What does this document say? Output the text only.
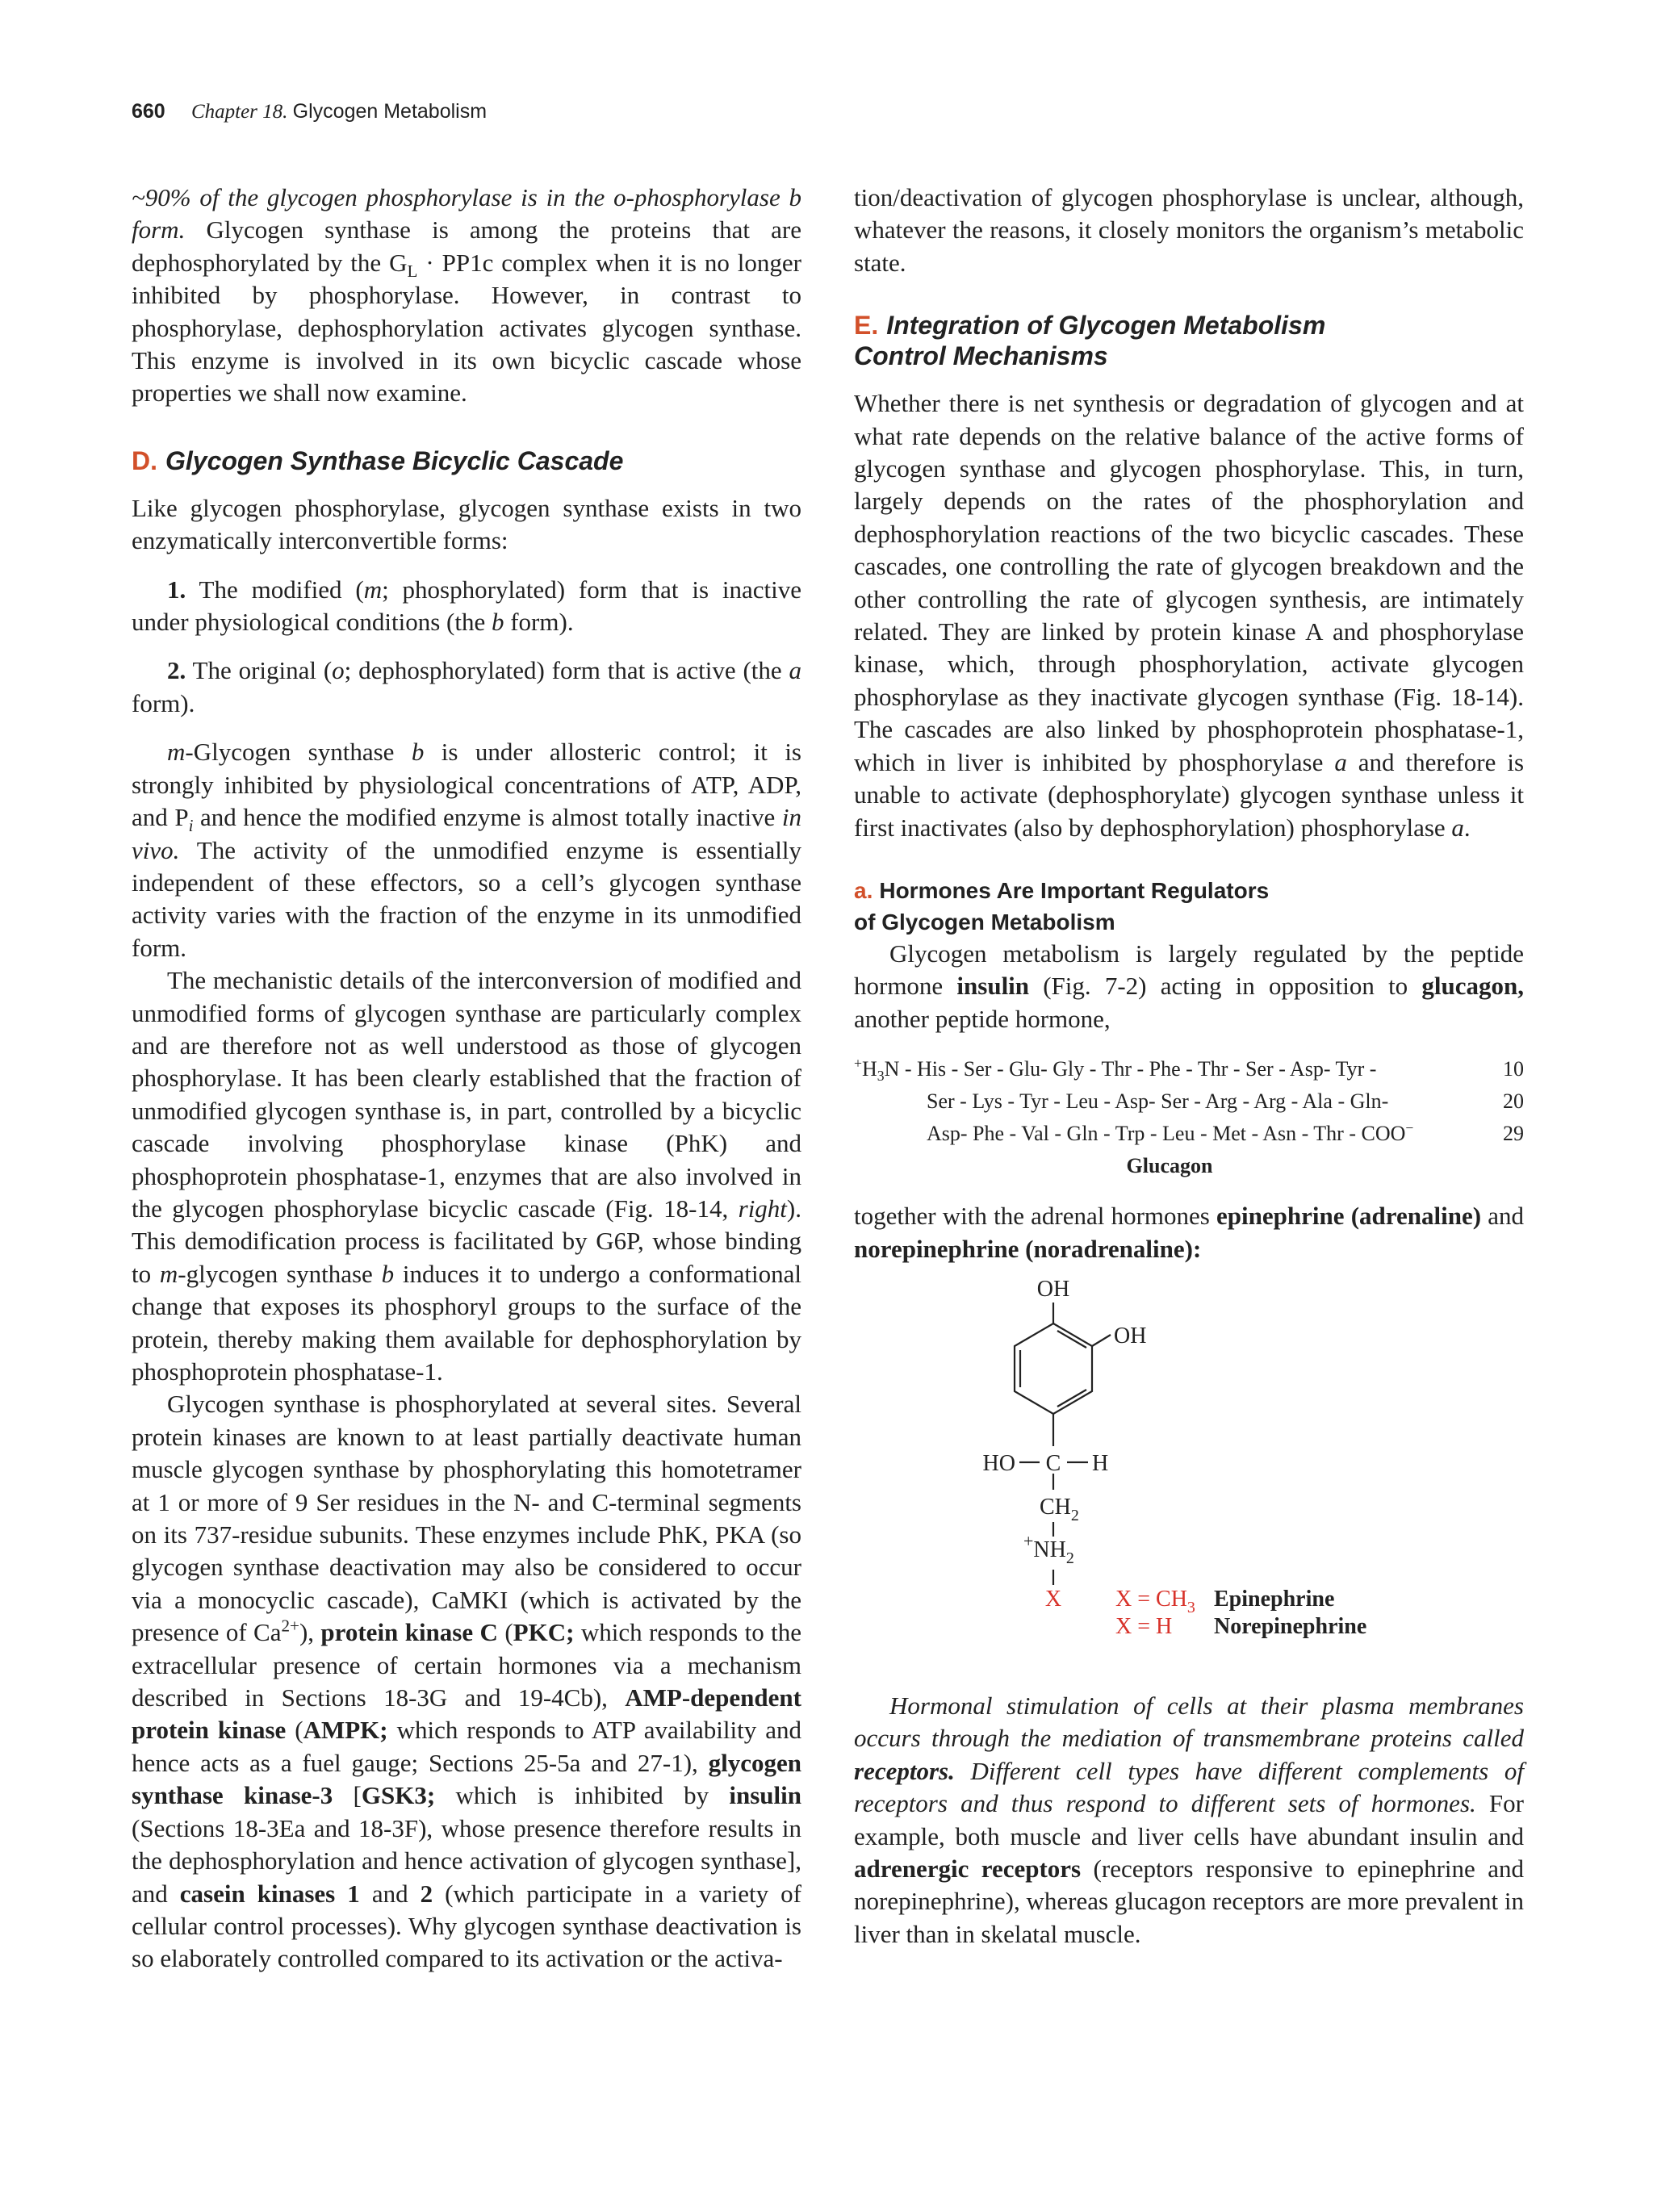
660 Chapter 18. Glycogen Metabolism

~90% of the glycogen phosphorylase is in the o-phosphorylase b form. Glycogen synthase is among the proteins that are dephosphorylated by the $G_L \cdot PP1c$ complex when it is no longer inhibited by phosphorylase. However, in contrast to phosphorylase, dephosphorylation activates glycogen synthase. This enzyme is involved in its own bicyclic cascade whose properties we shall now examine.

D. Glycogen Synthase Bicyclic Cascade

Like glycogen phosphorylase, glycogen synthase exists in two enzymatically interconvertible forms:

1. The modified (m; phosphorylated) form that is inactive under physiological conditions (the b form).

2. The original (o; dephosphorylated) form that is active (the a form).

m-Glycogen synthase b is under allosteric control; it is strongly inhibited by physiological concentrations of ATP, ADP, and $P_i$ and hence the modified enzyme is almost totally inactive in vivo. The activity of the unmodified enzyme is essentially independent of these effectors, so a cell’s glycogen synthase activity varies with the fraction of the enzyme in its unmodified form.

The mechanistic details of the interconversion of modified and unmodified forms of glycogen synthase are particularly complex and are therefore not as well understood as those of glycogen phosphorylase. It has been clearly established that the fraction of unmodified glycogen synthase is, in part, controlled by a bicyclic cascade involving phosphorylase kinase (PhK) and phosphoprotein phosphatase-1, enzymes that are also involved in the glycogen phosphorylase bicyclic cascade (Fig. 18-14, right). This demodification process is facilitated by G6P, whose binding to m-glycogen synthase b induces it to undergo a conformational change that exposes its phosphoryl groups to the surface of the protein, thereby making them available for dephosphorylation by phosphoprotein phosphatase-1.

Glycogen synthase is phosphorylated at several sites. Several protein kinases are known to at least partially deactivate human muscle glycogen synthase by phosphorylating this homotetramer at 1 or more of 9 Ser residues in the N- and C-terminal segments on its 737-residue subunits. These enzymes include PhK, PKA (so glycogen synthase deactivation may also be considered to occur via a monocyclic cascade), CaMKI (which is activated by the presence of $Ca^{2+}$), protein kinase C (PKC; which responds to the extracellular presence of certain hormones via a mechanism described in Sections 18-3G and 19-4Cb), AMP-dependent protein kinase (AMPK; which responds to ATP availability and hence acts as a fuel gauge; Sections 25-5a and 27-1), glycogen synthase kinase-3 [GSK3; which is inhibited by insulin (Sections 18-3Ea and 18-3F), whose presence therefore results in the dephosphorylation and hence activation of glycogen synthase], and casein kinases 1 and 2 (which participate in a variety of cellular control processes). Why glycogen synthase deactivation is so elaborately controlled compared to its activation or the activa-

tion/deactivation of glycogen phosphorylase is unclear, although, whatever the reasons, it closely monitors the organism’s metabolic state.

E. Integration of Glycogen Metabolism
Control Mechanisms

Whether there is net synthesis or degradation of glycogen and at what rate depends on the relative balance of the active forms of glycogen synthase and glycogen phosphorylase. This, in turn, largely depends on the rates of the phosphorylation and dephosphorylation reactions of the two bicyclic cascades. These cascades, one controlling the rate of glycogen breakdown and the other controlling the rate of glycogen synthesis, are intimately related. They are linked by protein kinase A and phosphorylase kinase, which, through phosphorylation, activate glycogen phosphorylase as they inactivate glycogen synthase (Fig. 18-14). The cascades are also linked by phosphoprotein phosphatase-1, which in liver is inhibited by phosphorylase a and therefore is unable to activate (dephosphorylate) glycogen synthase unless it first inactivates (also by dephosphorylation) phosphorylase a.

a. Hormones Are Important Regulators
of Glycogen Metabolism

Glycogen metabolism is largely regulated by the peptide hormone insulin (Fig. 7-2) acting in opposition to glucagon, another peptide hormone,

$^+H_3N$ - His - Ser - Glu- Gly - Thr - Phe - Thr - Ser - Asp- Tyr -	10
Ser - Lys - Tyr - Leu - Asp- Ser - Arg - Arg - Ala - Gln-	20
Asp- Phe - Val - Gln - Trp - Leu - Met - Asn - Thr - COO−	29
Glucagon

together with the adrenal hormones epinephrine (adrenaline) and norepinephrine (noradrenaline):

OH
OH
HO C H
$CH_2$
$^+NH_2$
X $X = CH_3$
X = H
Epinephrine
Norepinephrine

Hormonal stimulation of cells at their plasma membranes occurs through the mediation of transmembrane proteins called receptors. Different cell types have different complements of receptors and thus respond to different sets of hormones. For example, both muscle and liver cells have abundant insulin and adrenergic receptors (receptors responsive to epinephrine and norepinephrine), whereas glucagon receptors are more prevalent in liver than in skelatal muscle.
